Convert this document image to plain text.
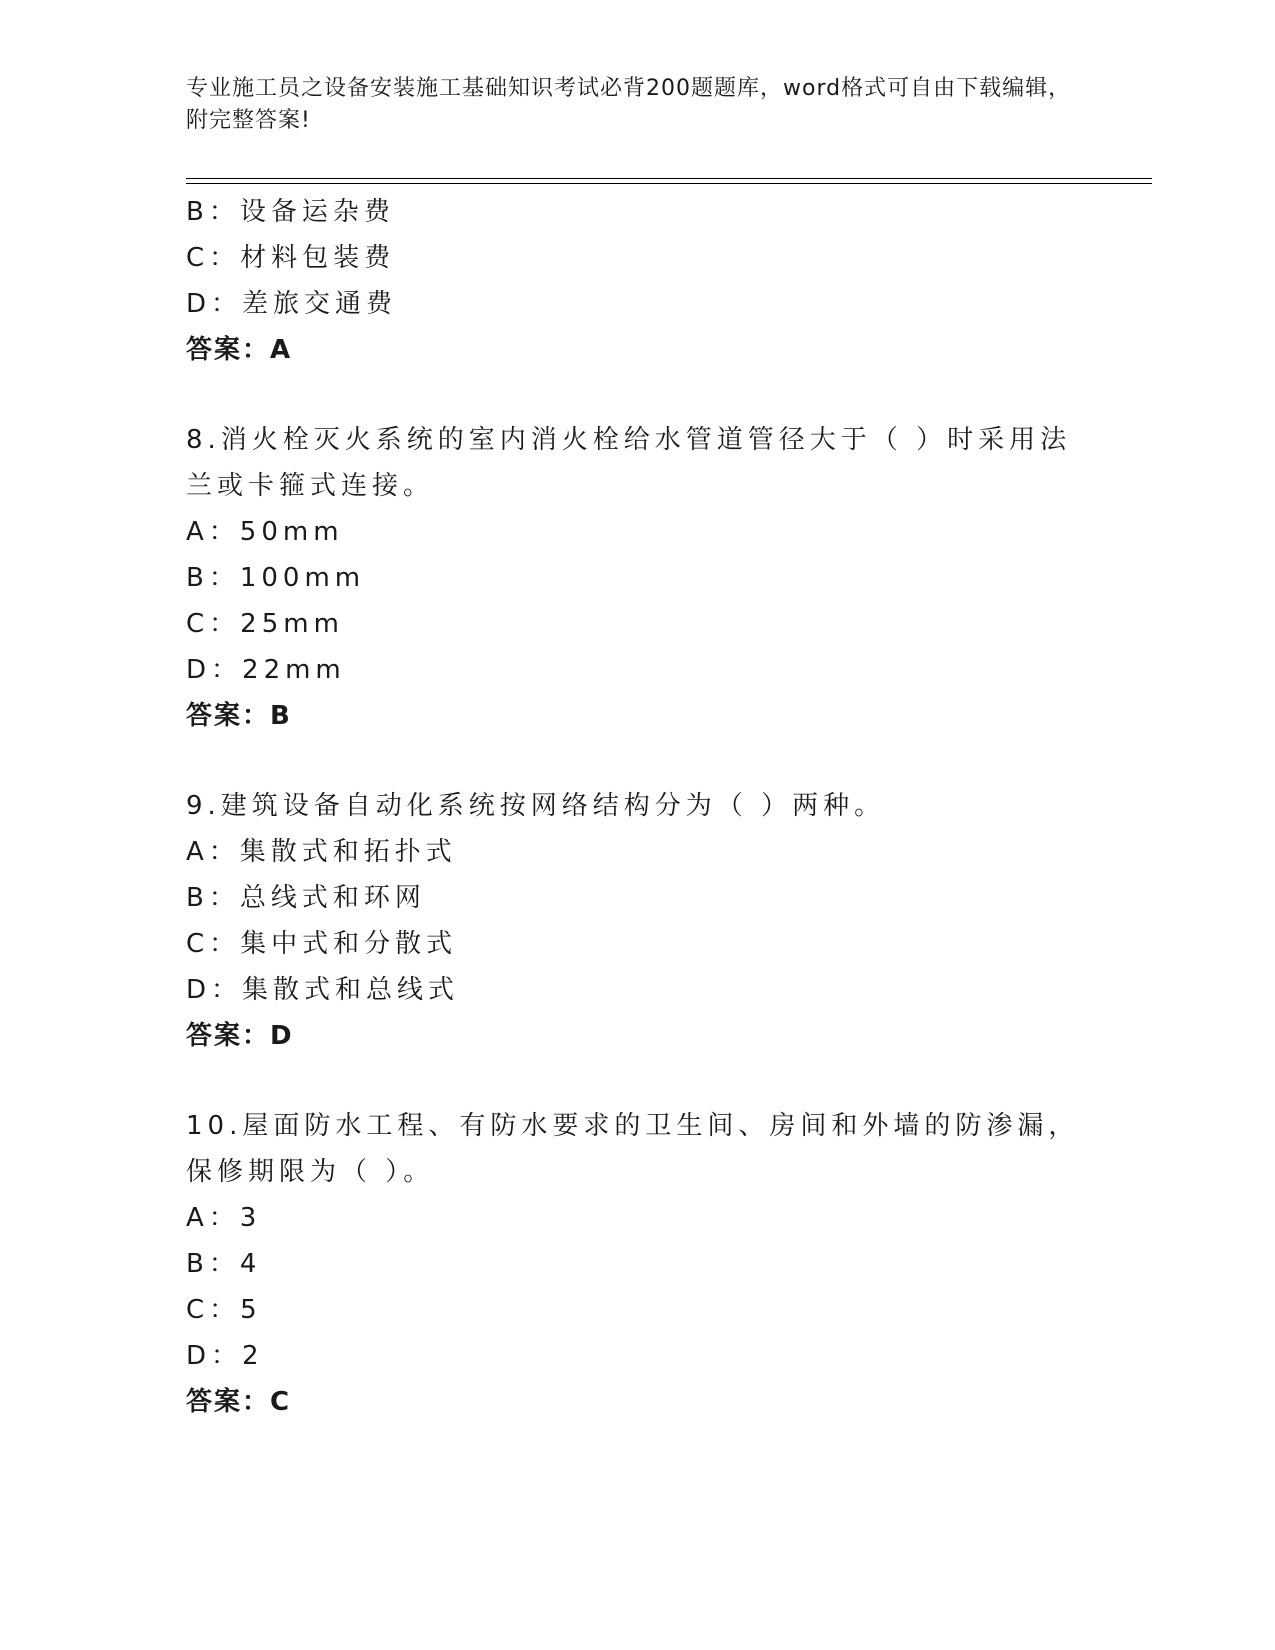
专业施工员之设备安装施工基础知识考试必背200题题库，word格式可自由下载编辑，附完整答案!
B：设备运杂费
C：材料包装费
D：差旅交通费
答案：A
8.消火栓灭火系统的室内消火栓给水管道管径大于（ ）时采用法兰或卡箍式连接。
A：50mm
B：100mm
C：25mm
D：22mm
答案：B
9.建筑设备自动化系统按网络结构分为（ ）两种。
A：集散式和拓扑式
B：总线式和环网
C：集中式和分散式
D：集散式和总线式
答案：D
10.屋面防水工程、有防水要求的卫生间、房间和外墙的防渗漏，保修期限为（ ）。
A：3
B：4
C：5
D：2
答案：C
